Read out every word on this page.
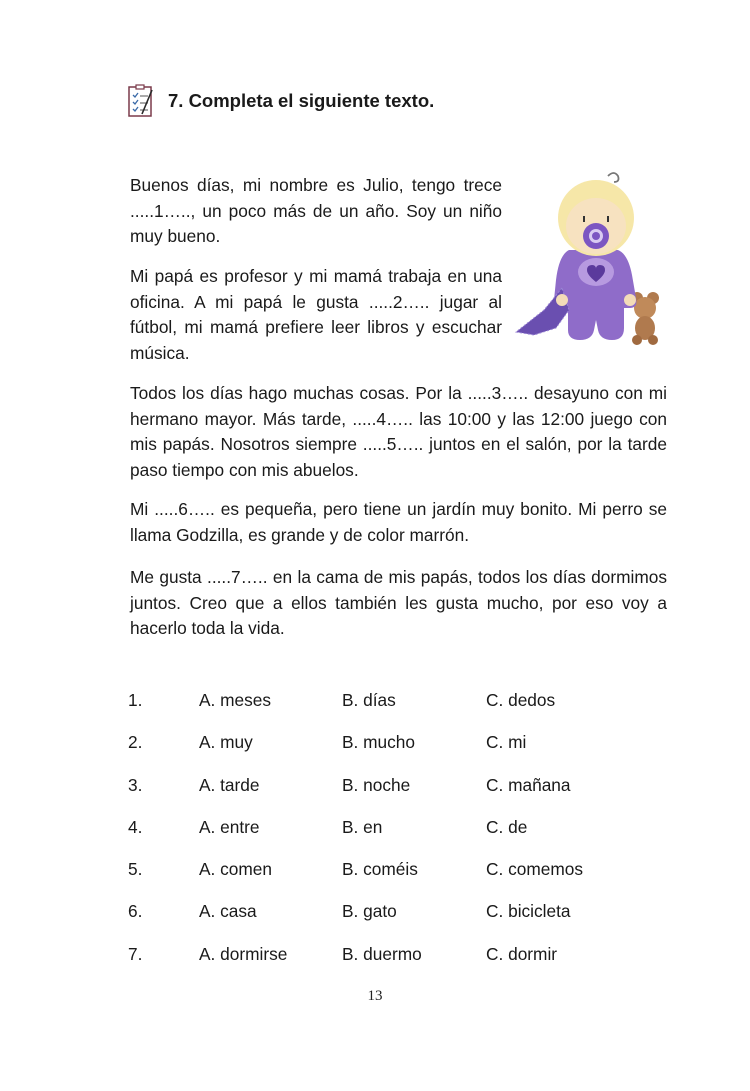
7. Completa el siguiente texto.

Buenos días, mi nombre es Julio, tengo trece .....1….., un poco más de un año. Soy un niño muy bueno.

Mi papá es profesor y mi mamá trabaja en una oficina. A mi papá le gusta .....2….. jugar al fútbol, mi mamá prefiere leer libros y escuchar música.

Todos los días hago muchas cosas. Por la .....3….. desayuno con mi hermano mayor. Más tarde, .....4….. las 10:00 y las 12:00 juego con mis papás. Nosotros siempre .....5….. juntos en el salón, por la tarde paso tiempo con mis abuelos.

Mi .....6….. es pequeña, pero tiene un jardín muy bonito. Mi perro se llama Godzilla, es grande y de color marrón.

Me gusta .....7….. en la cama de mis papás, todos los días dormimos juntos. Creo que a ellos también les gusta mucho, por eso voy a hacerlo toda la vida.

1.	A. meses	B. días	C. dedos
2.	A. muy	B. mucho	C. mi
3.	A. tarde	B. noche	C. mañana
4.	A. entre	B. en	C. de
5.	A. comen	B. coméis	C. comemos
6.	A. casa	B. gato	C. bicicleta
7.	A. dormirse	B. duermo	C. dormir
13
